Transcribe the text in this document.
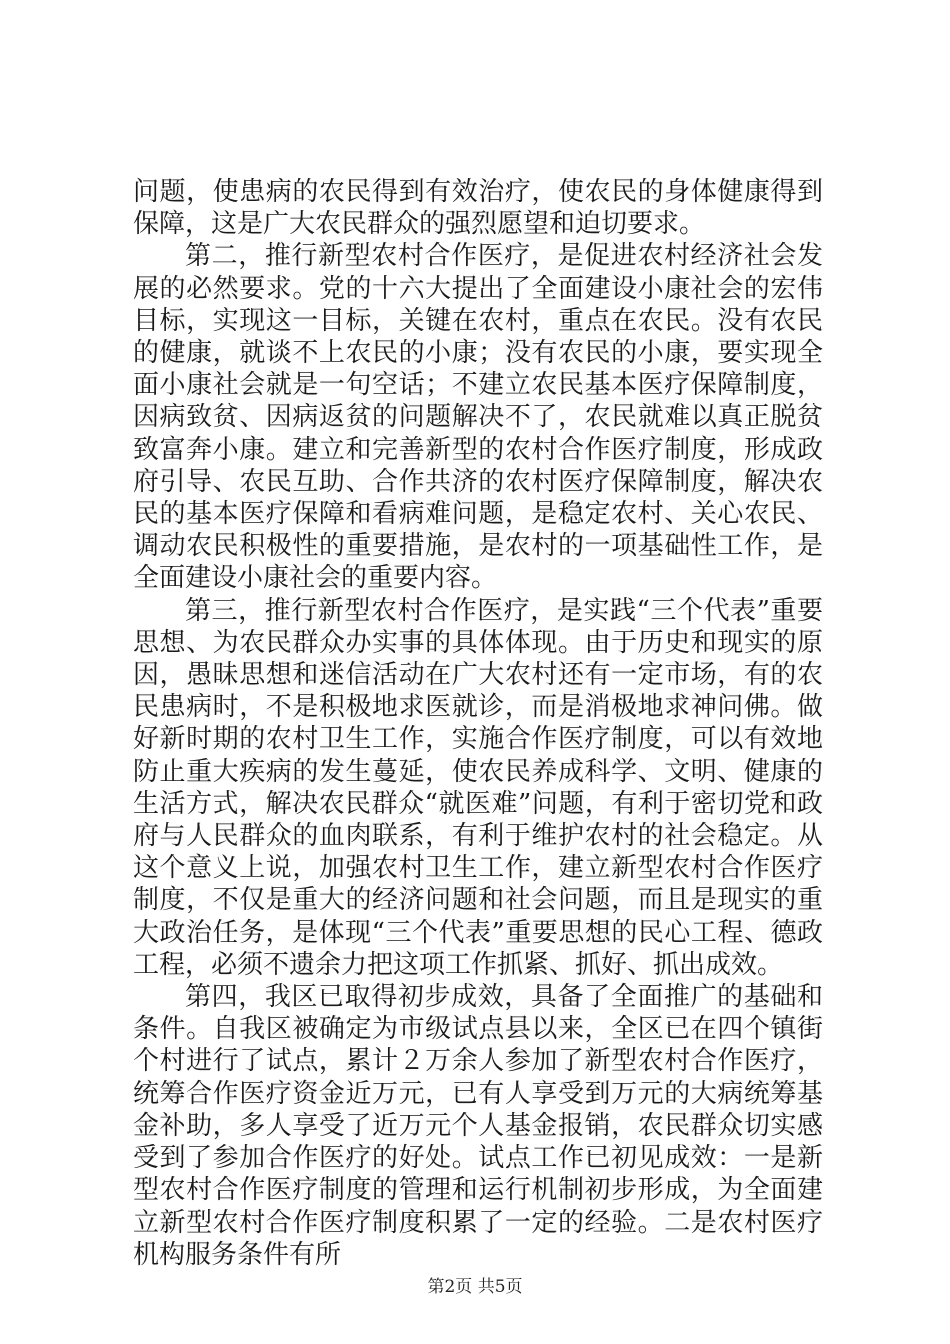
问题，使患病的农民得到有效治疗，使农民的身体健康得到保障，这是广大农民群众的强烈愿望和迫切要求。

第二，推行新型农村合作医疗，是促进农村经济社会发展的必然要求。党的十六大提出了全面建设小康社会的宏伟目标，实现这一目标，关键在农村，重点在农民。没有农民的健康，就谈不上农民的小康；没有农民的小康，要实现全面小康社会就是一句空话；不建立农民基本医疗保障制度，因病致贫、因病返贫的问题解决不了，农民就难以真正脱贫致富奔小康。建立和完善新型的农村合作医疗制度，形成政府引导、农民互助、合作共济的农村医疗保障制度，解决农民的基本医疗保障和看病难问题，是稳定农村、关心农民、调动农民积极性的重要措施，是农村的一项基础性工作，是全面建设小康社会的重要内容。

第三，推行新型农村合作医疗，是实践“三个代表”重要思想、为农民群众办实事的具体体现。由于历史和现实的原因，愚昧思想和迷信活动在广大农村还有一定市场，有的农民患病时，不是积极地求医就诊，而是消极地求神问佛。做好新时期的农村卫生工作，实施合作医疗制度，可以有效地防止重大疾病的发生蔓延，使农民养成科学、文明、健康的生活方式，解决农民群众“就医难”问题，有利于密切党和政府与人民群众的血肉联系，有利于维护农村的社会稳定。从这个意义上说，加强农村卫生工作，建立新型农村合作医疗制度，不仅是重大的经济问题和社会问题，而且是现实的重大政治任务，是体现“三个代表”重要思想的民心工程、德政工程，必须不遗余力把这项工作抓紧、抓好、抓出成效。

第四，我区已取得初步成效，具备了全面推广的基础和条件。自我区被确定为市级试点县以来，全区已在四个镇街个村进行了试点，累计２万余人参加了新型农村合作医疗，统筹合作医疗资金近万元，已有人享受到万元的大病统筹基金补助，多人享受了近万元个人基金报销，农民群众切实感受到了参加合作医疗的好处。试点工作已初见成效：一是新型农村合作医疗制度的管理和运行机制初步形成，为全面建立新型农村合作医疗制度积累了一定的经验。二是农村医疗机构服务条件有所

第2页 共5页
